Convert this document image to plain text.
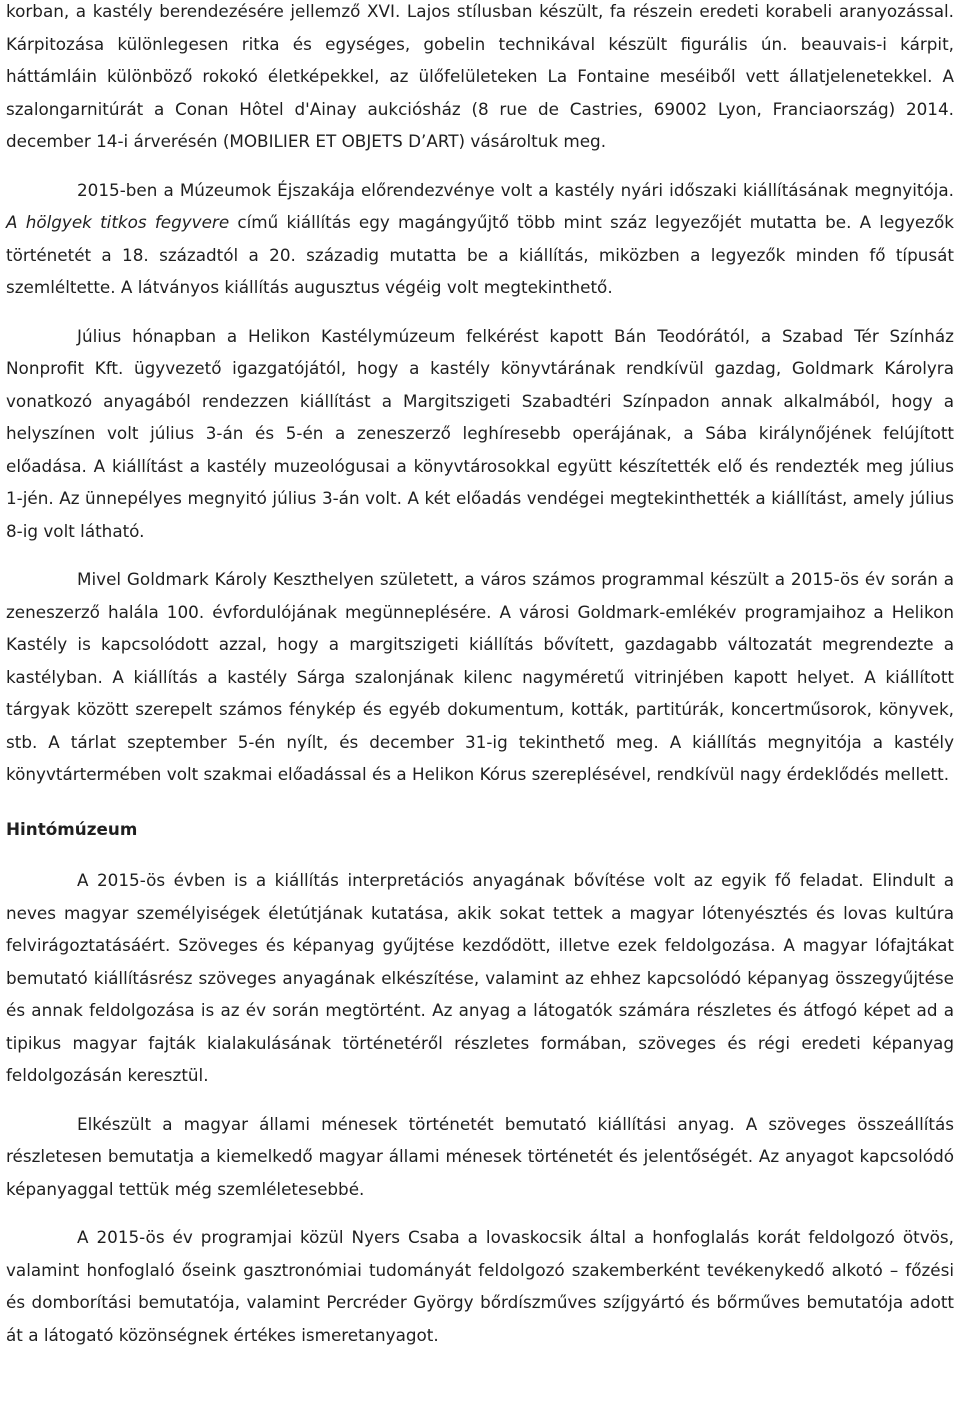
korban, a kastély berendezésére jellemző XVI. Lajos stílusban készült, fa részein eredeti korabeli aranyozással. Kárpitozása különlegesen ritka és egységes, gobelin technikával készült figurális ún. beauvais-i kárpit, háttámláin különböző rokokó életképekkel, az ülőfelületeken La Fontaine meséiből vett állatjelenetekkel. A szalongarnitúrát a Conan Hôtel d'Ainay aukciósház (8 rue de Castries, 69002 Lyon, Franciaország) 2014. december 14-i árverésén (MOBILIER ET OBJETS D’ART) vásároltuk meg.

2015-ben a Múzeumok Éjszakája előrendezvénye volt a kastély nyári időszaki kiállításának megnyitója. A hölgyek titkos fegyvere című kiállítás egy magángyűjtő több mint száz legyezőjét mutatta be. A legyezők történetét a 18. századtól a 20. századig mutatta be a kiállítás, miközben a legyezők minden fő típusát szemléltette. A látványos kiállítás augusztus végéig volt megtekinthető.

Július hónapban a Helikon Kastélymúzeum felkérést kapott Bán Teodórától, a Szabad Tér Színház Nonprofit Kft. ügyvezető igazgatójától, hogy a kastély könyvtárának rendkívül gazdag, Goldmark Károlyra vonatkozó anyagából rendezzen kiállítást a Margitszigeti Szabadtéri Színpadon annak alkalmából, hogy a helyszínen volt július 3-án és 5-én a zeneszerző leghíresebb operájának, a Sába királynőjének felújított előadása. A kiállítást a kastély muzeológusai a könyvtárosokkal együtt készítették elő és rendezték meg július 1-jén. Az ünnepélyes megnyitó július 3-án volt. A két előadás vendégei megtekinthették a kiállítást, amely július 8-ig volt látható.

Mivel Goldmark Károly Keszthelyen született, a város számos programmal készült a 2015-ös év során a zeneszerző halála 100. évfordulójának megünneplésére. A városi Goldmark-emlékév programjaihoz a Helikon Kastély is kapcsolódott azzal, hogy a margitszigeti kiállítás bővített, gazdagabb változatát megrendezte a kastélyban. A kiállítás a kastély Sárga szalonjának kilenc nagyméretű vitrinjében kapott helyet. A kiállított tárgyak között szerepelt számos fénykép és egyéb dokumentum, kották, partitúrák, koncertműsorok, könyvek, stb. A tárlat szeptember 5-én nyílt, és december 31-ig tekinthető meg. A kiállítás megnyitója a kastély könyvtártermében volt szakmai előadással és a Helikon Kórus szereplésével, rendkívül nagy érdeklődés mellett.

Hintómúzeum

A 2015-ös évben is a kiállítás interpretációs anyagának bővítése volt az egyik fő feladat. Elindult a neves magyar személyiségek életútjának kutatása, akik sokat tettek a magyar lótenyésztés és lovas kultúra felvirágoztatásáért. Szöveges és képanyag gyűjtése kezdődött, illetve ezek feldolgozása. A magyar lófajtákat bemutató kiállításrész szöveges anyagának elkészítése, valamint az ehhez kapcsolódó képanyag összegyűjtése és annak feldolgozása is az év során megtörtént. Az anyag a látogatók számára részletes és átfogó képet ad a tipikus magyar fajták kialakulásának történetéről részletes formában, szöveges és régi eredeti képanyag feldolgozásán keresztül.

Elkészült a magyar állami ménesek történetét bemutató kiállítási anyag. A szöveges összeállítás részletesen bemutatja a kiemelkedő magyar állami ménesek történetét és jelentőségét. Az anyagot kapcsolódó képanyaggal tettük még szemléletesebbé.

A 2015-ös év programjai közül Nyers Csaba a lovaskocsik által a honfoglalás korát feldolgozó ötvös, valamint honfoglaló őseink gasztronómiai tudományát feldolgozó szakemberként tevékenykedő alkotó – főzési és domborítási bemutatója, valamint Percréder György bőrdíszműves szíjgyártó és bőrműves bemutatója adott át a látogató közönségnek értékes ismeretanyagot.
